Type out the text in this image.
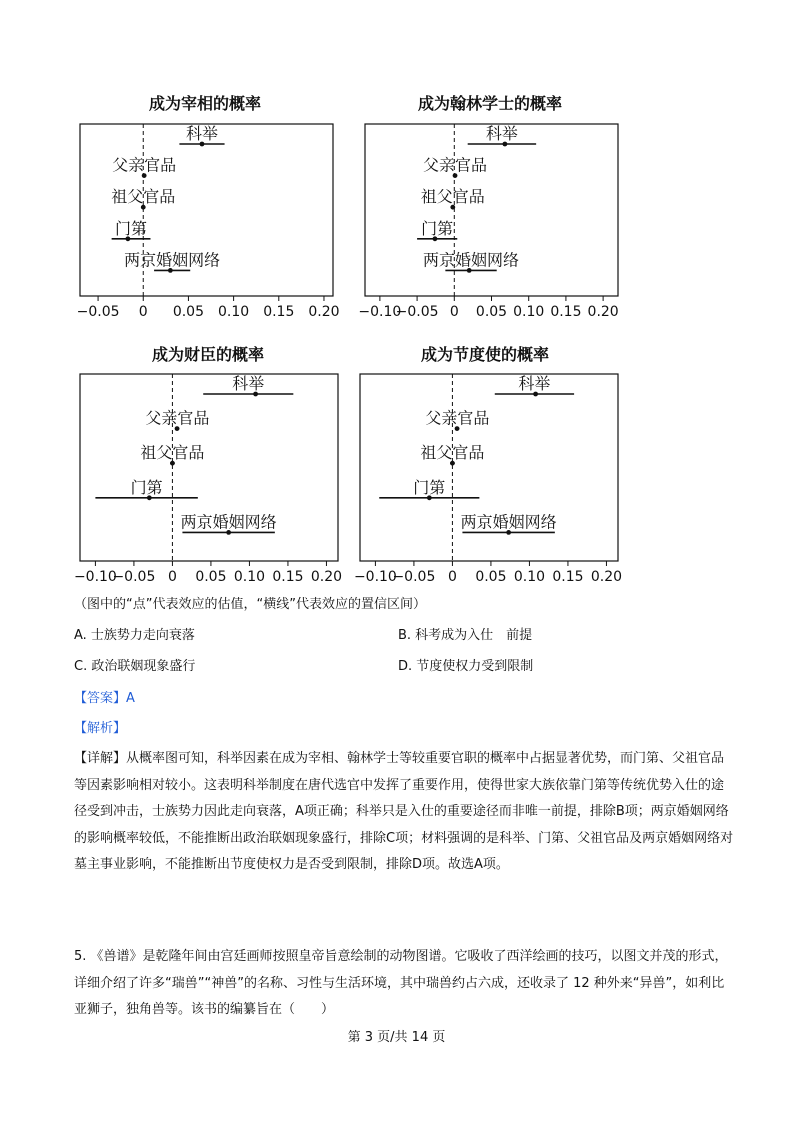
成为宰相的概率
−0.05 0 0.05 0.10 0.15 0.20
科举
父亲官品
祖父官品
门第
两京婚姻网络
成为翰林学士的概率
−0.10
−0.05 0 0.05 0.10 0.15 0.20
科举
父亲官品
祖父官品
门第
两京婚姻网络
成为财臣的概率
−0.10
−0.05 0 0.05 0.10 0.15 0.20
科举
父亲官品
祖父官品
门第
两京婚姻网络
成为节度使的概率
−0.10
−0.05 0 0.05 0.10 0.15 0.20
科举
父亲官品
祖父官品
门第
两京婚姻网络
（图中的“点”代表效应的估值，“横线”代表效应的置信区间）
A. 士族势力走向衰落	B. 科考成为入仕　前提
C. 政治联姻现象盛行	D. 节度使权力受到限制
【答案】A
【解析】
【详解】从概率图可知，科举因素在成为宰相、翰林学士等较重要官职的概率中占据显著优势，而门第、父祖官品等因素影响相对较小。这表明科举制度在唐代选官中发挥了重要作用，使得世家大族依靠门第等传统优势入仕的途径受到冲击，士族势力因此走向衰落，A项正确；科举只是入仕的重要途径而非唯一前提，排除B项；两京婚姻网络的影响概率较低，不能推断出政治联姻现象盛行，排除C项；材料强调的是科举、门第、父祖官品及两京婚姻网络对墓主事业影响，不能推断出节度使权力是否受到限制，排除D项。故选A项。
5. 《兽谱》是乾隆年间由宫廷画师按照皇帝旨意绘制的动物图谱。它吸收了西洋绘画的技巧，以图文并茂的形式，详细介绍了许多“瑞兽”“神兽”的名称、习性与生活环境，其中瑞兽约占六成，还收录了 12 种外来“异兽”，如利比亚狮子，独角兽等。该书的编纂旨在（　　）
第 3 页/共 14 页
